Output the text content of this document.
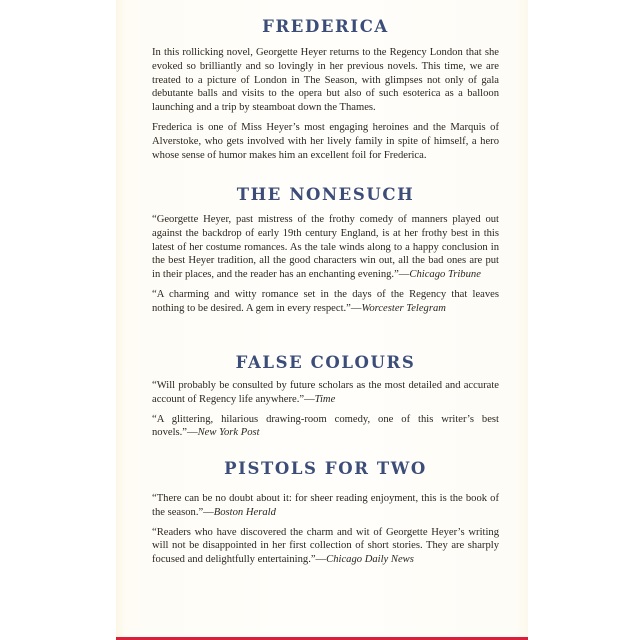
FREDERICA

In this rollicking novel, Georgette Heyer returns to the Regency London that she evoked so brilliantly and so lovingly in her previous novels. This time, we are treated to a picture of London in The Season, with glimpses not only of gala debutante balls and visits to the opera but also of such esoterica as a balloon launching and a trip by steamboat down the Thames.

Frederica is one of Miss Heyer’s most engaging heroines and the Marquis of Alverstoke, who gets involved with her lively family in spite of himself, a hero whose sense of humor makes him an excellent foil for Frederica.

THE NONESUCH

“Georgette Heyer, past mistress of the frothy comedy of manners played out against the backdrop of early 19th century England, is at her frothy best in this latest of her costume romances. As the tale winds along to a happy conclusion in the best Heyer tradition, all the good characters win out, all the bad ones are put in their places, and the reader has an enchanting evening.”—Chicago Tribune

“A charming and witty romance set in the days of the Regency that leaves nothing to be desired. A gem in every respect.”—Worcester Telegram

FALSE COLOURS

“Will probably be consulted by future scholars as the most detailed and accurate account of Regency life anywhere.”—Time

“A glittering, hilarious drawing-room comedy, one of this writer’s best novels.”—New York Post

PISTOLS FOR TWO

“There can be no doubt about it: for sheer reading enjoyment, this is the book of the season.”—Boston Herald

“Readers who have discovered the charm and wit of Georgette Heyer’s writing will not be disappointed in her first collection of short stories. They are sharply focused and delightfully entertaining.”—Chicago Daily News
